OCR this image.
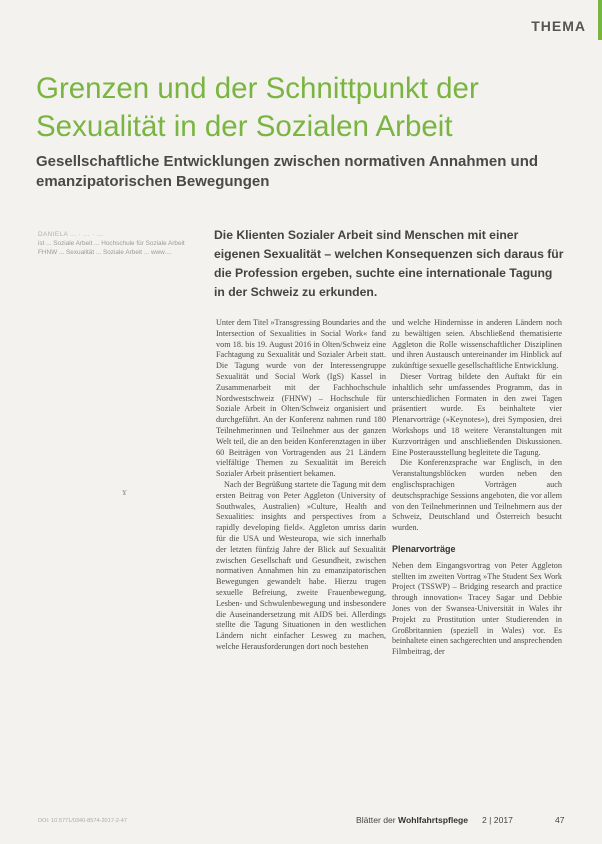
THEMA
Grenzen und der Schnittpunkt der Sexualität in der Sozialen Arbeit
Gesellschaftliche Entwicklungen zwischen normativen Annahmen und emanzipatorischen Bewegungen

DANIELA ... · ... · ...

ist ... Soziale Arbeit ... Hochschule für Soziale Arbeit FHNW ... Sexualität ... Soziale Arbeit ... www....

ɤ

Die Klienten Sozialer Arbeit sind Menschen mit einer eigenen Sexualität – welchen Konsequenzen sich daraus für die Profession ergeben, suchte eine internationale Tagung in der Schweiz zu erkunden.

Unter dem Titel »Transgressing Boundaries and the Intersection of Sexualities in Social Work« fand vom 18. bis 19. August 2016 in Olten/Schweiz eine Fachtagung zu Sexualität und Sozialer Arbeit statt. Die Tagung wurde von der Interessengruppe Sexualität und Social Work (IgS) Kassel in Zusammenarbeit mit der Fachhochschule Nordwestschweiz (FHNW) – Hochschule für Soziale Arbeit in Olten/Schweiz organisiert und durchgeführt. An der Konferenz nahmen rund 180 Teilnehmerinnen und Teilnehmer aus der ganzen Welt teil, die an den beiden Konferenztagen in über 60 Beiträgen von Vortragenden aus 21 Ländern vielfältige Themen zu Sexualität im Bereich Sozialer Arbeit präsentiert bekamen.

Nach der Begrüßung startete die Tagung mit dem ersten Beitrag von Peter Aggleton (University of Southwales, Australien) »Culture, Health and Sexualities: insights and perspectives from a rapidly developing field«. Aggleton umriss darin für die USA und Westeuropa, wie sich innerhalb der letzten fünfzig Jahre der Blick auf Sexualität zwischen Gesellschaft und Gesundheit, zwischen normativen Annahmen hin zu emanzipatorischen Bewegungen gewandelt habe. Hierzu trugen sexuelle Befreiung, zweite Frauenbewegung, Lesben- und Schwulenbewegung und insbesondere die Auseinandersetzung mit AIDS bei. Allerdings stellte die Tagung Situationen in den westlichen Ländern nicht einfacher Lesweg zu machen, welche Herausforderungen dort noch bestehen

und welche Hindernisse in anderen Ländern noch zu bewältigen seien. Abschließend thematisierte Aggleton die Rolle wissenschaftlicher Disziplinen und ihren Austausch untereinander im Hinblick auf zukünftige sexuelle gesellschaftliche Entwicklung.

Dieser Vortrag bildete den Auftakt für ein inhaltlich sehr umfassendes Programm, das in unterschiedlichen Formaten in den zwei Tagen präsentiert wurde. Es beinhaltete vier Plenarvorträge (»Keynotes«), drei Symposien, drei Workshops und 18 weitere Veranstaltungen mit Kurzvorträgen und anschließenden Diskussionen. Eine Posterausstellung begleitete die Tagung.

Die Konferenzsprache war Englisch, in den Veranstaltungsblöcken wurden neben den englischsprachigen Vorträgen auch deutschsprachige Sessions angeboten, die vor allem von den Teilnehmerinnen und Teilnehmern aus der Schweiz, Deutschland und Österreich besucht wurden.

Plenarvorträge

Neben dem Eingangsvortrag von Peter Aggleton stellten im zweiten Vortrag »The Student Sex Work Project (TSSWP) – Bridging research and practice through innovation« Tracey Sagar und Debbie Jones von der Swansea-Universität in Wales ihr Projekt zu Prostitution unter Studierenden in Großbritannien (speziell in Wales) vor. Es beinhaltete einen sachgerechten und ansprechenden Filmbeitrag, der

DOI: 10.5771/0340-8574-2017-2-47	Blätter der Wohlfahrtspflege 2 | 2017	47
